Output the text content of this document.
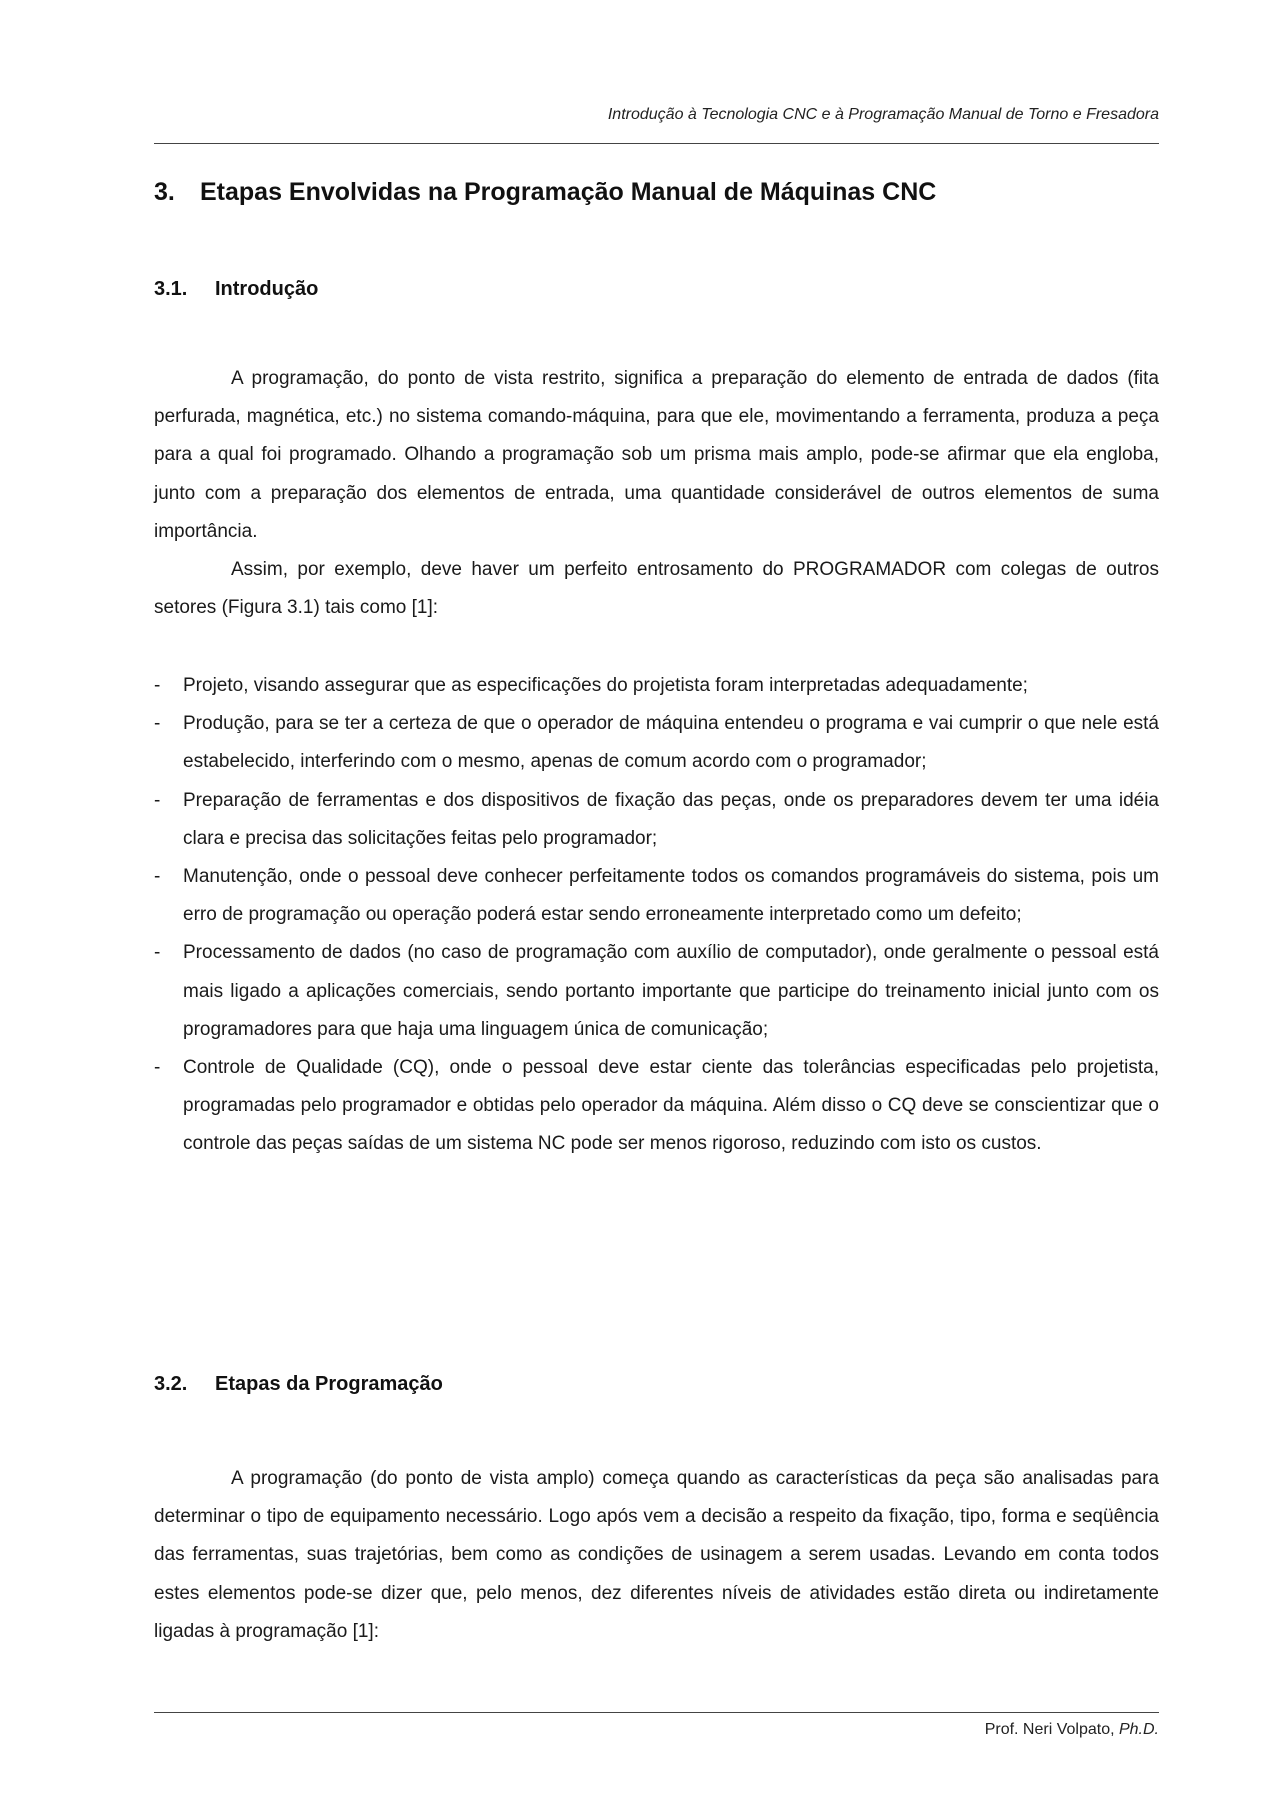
Introdução à Tecnologia CNC e à Programação Manual de Torno e Fresadora
3. Etapas Envolvidas na Programação Manual de Máquinas CNC
3.1. Introdução

A programação, do ponto de vista restrito, significa a preparação do elemento de entrada de dados (fita perfurada, magnética, etc.) no sistema comando-máquina, para que ele, movimentando a ferramenta, produza a peça para a qual foi programado. Olhando a programação sob um prisma mais amplo, pode-se afirmar que ela engloba, junto com a preparação dos elementos de entrada, uma quantidade considerável de outros elementos de suma importância.

Assim, por exemplo, deve haver um perfeito entrosamento do PROGRAMADOR com colegas de outros setores (Figura 3.1) tais como [1]:

- Projeto, visando assegurar que as especificações do projetista foram interpretadas adequadamente;
- Produção, para se ter a certeza de que o operador de máquina entendeu o programa e vai cumprir o que nele está estabelecido, interferindo com o mesmo, apenas de comum acordo com o programador;
- Preparação de ferramentas e dos dispositivos de fixação das peças, onde os preparadores devem ter uma idéia clara e precisa das solicitações feitas pelo programador;
- Manutenção, onde o pessoal deve conhecer perfeitamente todos os comandos programáveis do sistema, pois um erro de programação ou operação poderá estar sendo erroneamente interpretado como um defeito;
- Processamento de dados (no caso de programação com auxílio de computador), onde geralmente o pessoal está mais ligado a aplicações comerciais, sendo portanto importante que participe do treinamento inicial junto com os programadores para que haja uma linguagem única de comunicação;
- Controle de Qualidade (CQ), onde o pessoal deve estar ciente das tolerâncias especificadas pelo projetista, programadas pelo programador e obtidas pelo operador da máquina. Além disso o CQ deve se conscientizar que o controle das peças saídas de um sistema NC pode ser menos rigoroso, reduzindo com isto os custos.
3.2. Etapas da Programação

A programação (do ponto de vista amplo) começa quando as características da peça são analisadas para determinar o tipo de equipamento necessário. Logo após vem a decisão a respeito da fixação, tipo, forma e seqüência das ferramentas, suas trajetórias, bem como as condições de usinagem a serem usadas. Levando em conta todos estes elementos pode-se dizer que, pelo menos, dez diferentes níveis de atividades estão direta ou indiretamente ligadas à programação [1]:

Prof. Neri Volpato, Ph.D.
